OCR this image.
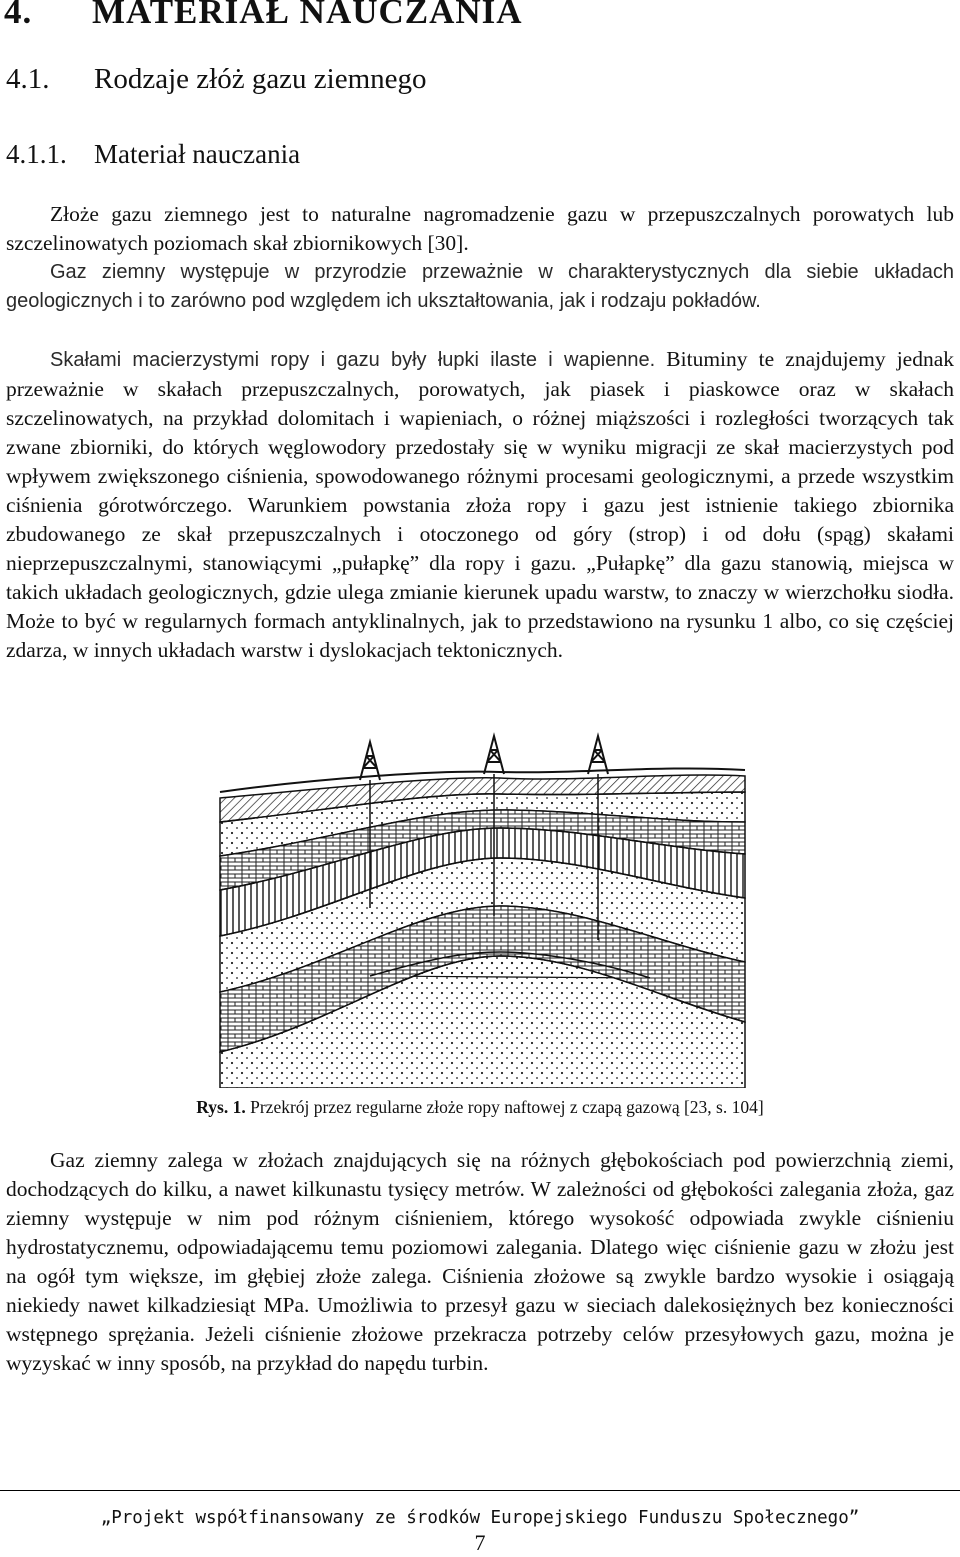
4. MATERIAŁ NAUCZANIA
4.1. Rodzaje złóż gazu ziemnego
4.1.1. Materiał nauczania
Złoże gazu ziemnego jest to naturalne nagromadzenie gazu w przepuszczalnych porowatych lub szczelinowatych poziomach skał zbiornikowych [30].
Gaz ziemny występuje w przyrodzie przeważnie w charakterystycznych dla siebie układach geologicznych i to zarówno pod względem ich ukształtowania, jak i rodzaju pokładów.
Skałami macierzystymi ropy i gazu były łupki ilaste i wapienne. Bituminy te znajdujemy jednak przeważnie w skałach przepuszczalnych, porowatych, jak piasek i piaskowce oraz w skałach szczelinowatych, na przykład dolomitach i wapieniach, o różnej miąższości i rozległości tworzących tak zwane zbiorniki, do których węglowodory przedostały się w wyniku migracji ze skał macierzystych pod wpływem zwiększonego ciśnienia, spowodowanego różnymi procesami geologicznymi, a przede wszystkim ciśnienia górotwórczego. Warunkiem powstania złoża ropy i gazu jest istnienie takiego zbiornika zbudowanego ze skał przepuszczalnych i otoczonego od góry (strop) i od dołu (spąg) skałami nieprzepuszczalnymi, stanowiącymi „pułapkę” dla ropy i gazu. „Pułapkę” dla gazu stanowią, miejsca w takich układach geologicznych, gdzie ulega zmianie kierunek upadu warstw, to znaczy w wierzchołku siodła. Może to być w regularnych formach antyklinalnych, jak to przedstawiono na rysunku 1 albo, co się częściej zdarza, w innych układach warstw i dyslokacjach tektonicznych.
Rys. 1. Przekrój przez regularne złoże ropy naftowej z czapą gazową [23, s. 104]
Gaz ziemny zalega w złożach znajdujących się na różnych głębokościach pod powierzchnią ziemi, dochodzących do kilku, a nawet kilkunastu tysięcy metrów. W zależności od głębokości zalegania złoża, gaz ziemny występuje w nim pod różnym ciśnieniem, którego wysokość odpowiada zwykle ciśnieniu hydrostatycznemu, odpowiadającemu temu poziomowi zalegania. Dlatego więc ciśnienie gazu w złożu jest na ogół tym większe, im głębiej złoże zalega. Ciśnienia złożowe są zwykle bardzo wysokie i osiągają niekiedy nawet kilkadziesiąt MPa. Umożliwia to przesył gazu w sieciach dalekosiężnych bez konieczności wstępnego sprężania. Jeżeli ciśnienie złożowe przekracza potrzeby celów przesyłowych gazu, można je wyzyskać w inny sposób, na przykład do napędu turbin.
„Projekt współfinansowany ze środków Europejskiego Funduszu Społecznego”
7
